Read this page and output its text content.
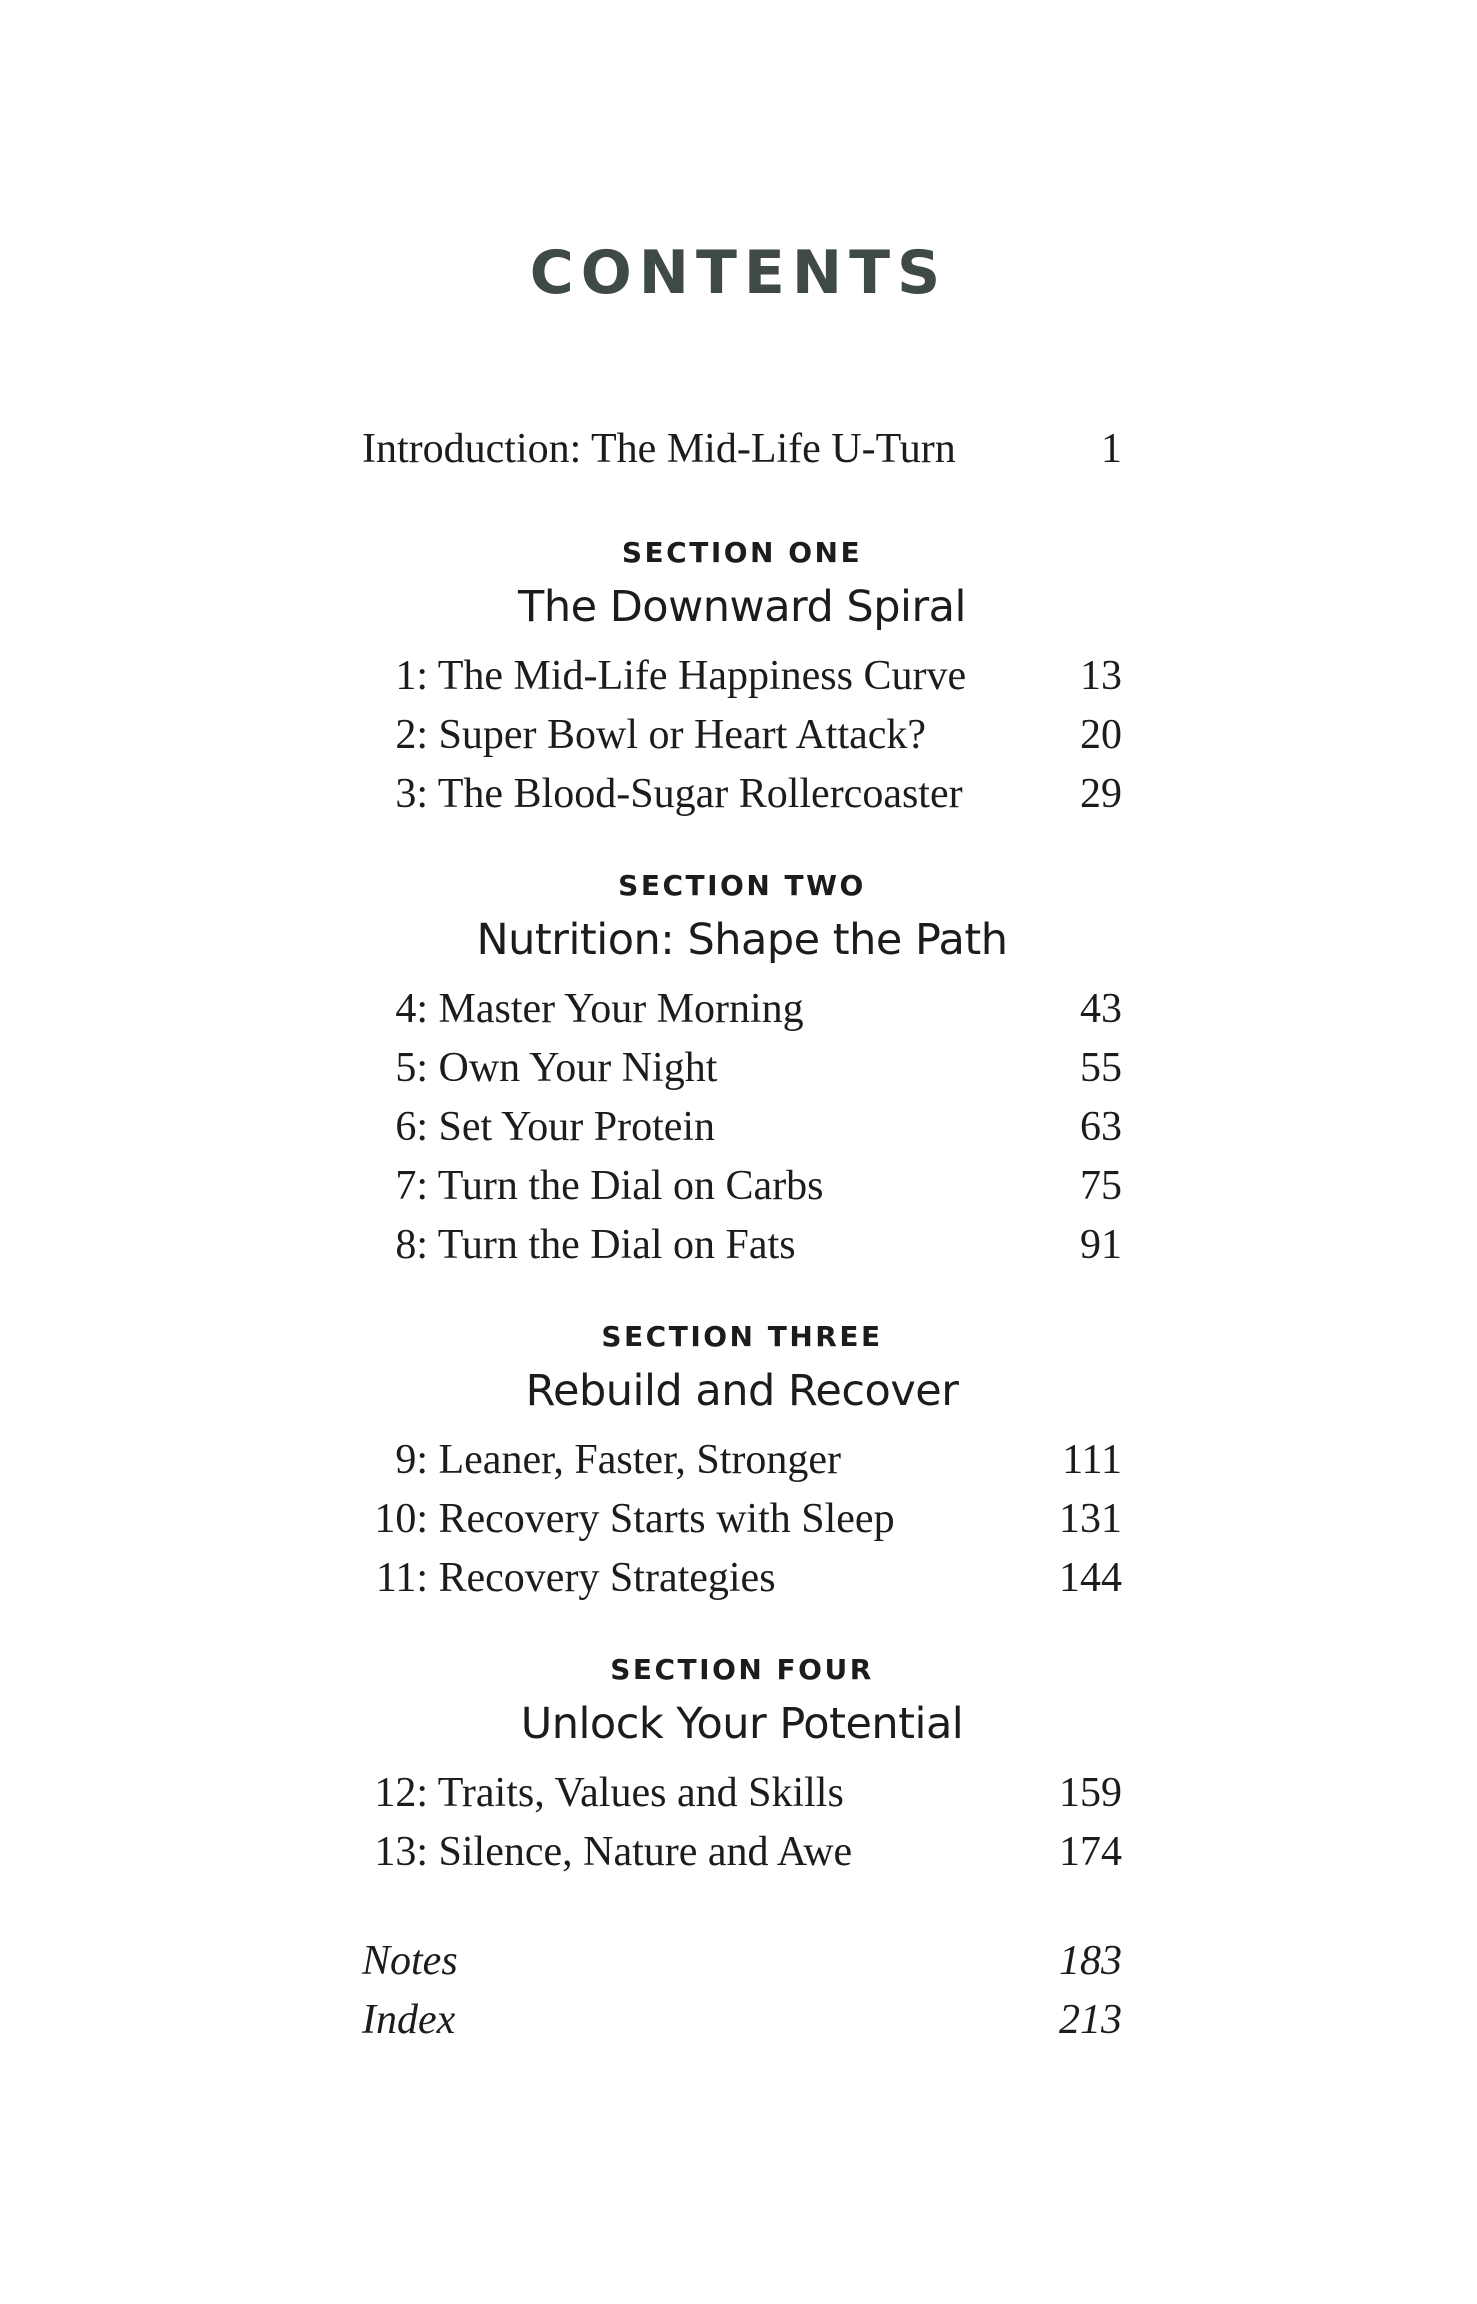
CONTENTS
Introduction: The Mid-Life U-Turn	1
SECTION ONE
The Downward Spiral
1: The Mid-Life Happiness Curve	13
2: Super Bowl or Heart Attack?	20
3: The Blood-Sugar Rollercoaster	29
SECTION TWO
Nutrition: Shape the Path
4: Master Your Morning	43
5: Own Your Night	55
6: Set Your Protein	63
7: Turn the Dial on Carbs	75
8: Turn the Dial on Fats	91
SECTION THREE
Rebuild and Recover
9: Leaner, Faster, Stronger	111
10: Recovery Starts with Sleep	131
11: Recovery Strategies	144
SECTION FOUR
Unlock Your Potential
12: Traits, Values and Skills	159
13: Silence, Nature and Awe	174
Notes	183
Index	213
